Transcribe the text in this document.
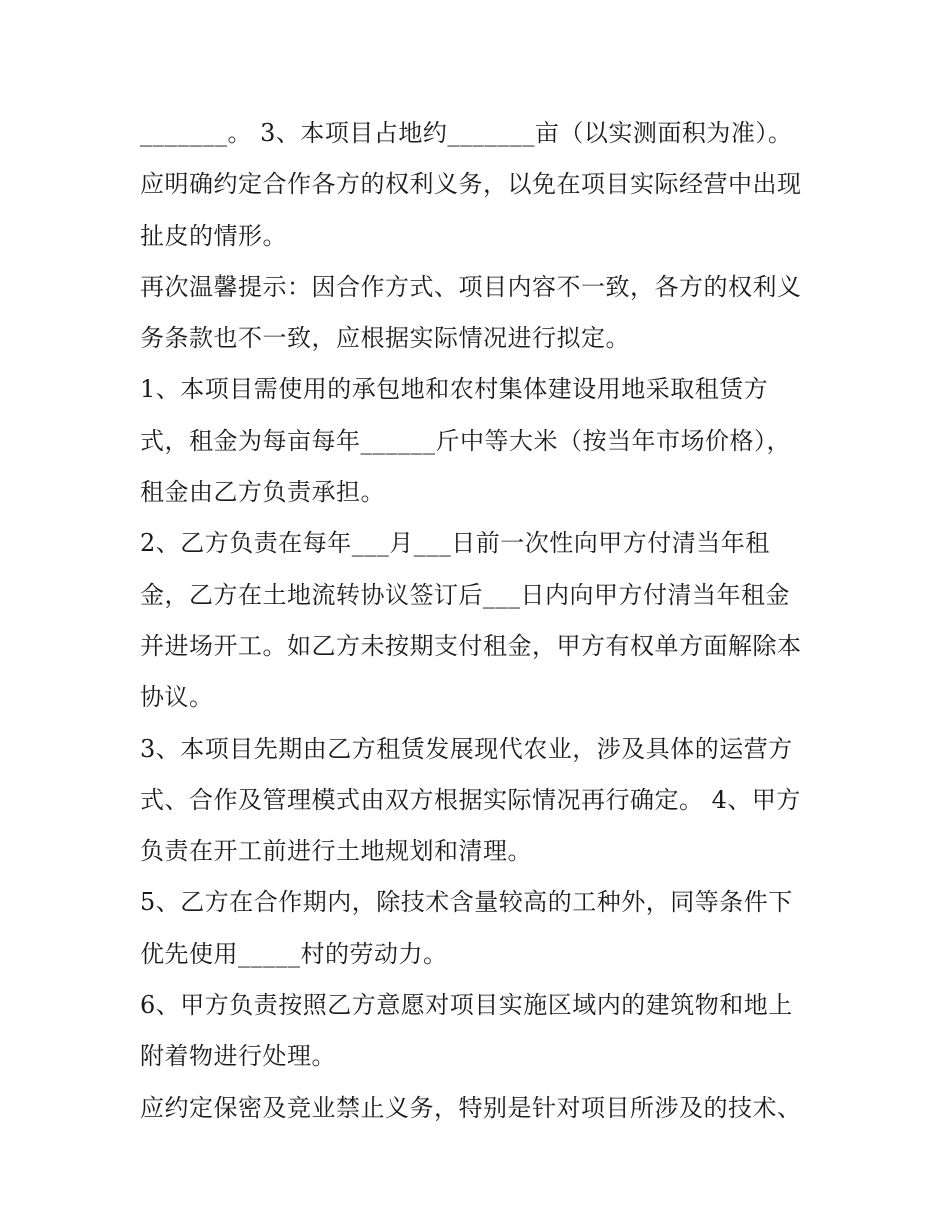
_______。 3、本项目占地约_______亩（以实测面积为准）。
应明确约定合作各方的权利义务，以免在项目实际经营中出现
扯皮的情形。
再次温馨提示：因合作方式、项目内容不一致，各方的权利义
务条款也不一致，应根据实际情况进行拟定。
1、本项目需使用的承包地和农村集体建设用地采取租赁方
式，租金为每亩每年______斤中等大米（按当年市场价格），
租金由乙方负责承担。
2、乙方负责在每年___月___日前一次性向甲方付清当年租
金，乙方在土地流转协议签订后___日内向甲方付清当年租金
并进场开工。如乙方未按期支付租金，甲方有权单方面解除本
协议。
3、本项目先期由乙方租赁发展现代农业，涉及具体的运营方
式、合作及管理模式由双方根据实际情况再行确定。 4、甲方
负责在开工前进行土地规划和清理。
5、乙方在合作期内，除技术含量较高的工种外，同等条件下
优先使用_____村的劳动力。
6、甲方负责按照乙方意愿对项目实施区域内的建筑物和地上
附着物进行处理。
应约定保密及竞业禁止义务，特别是针对项目所涉及的技术、
